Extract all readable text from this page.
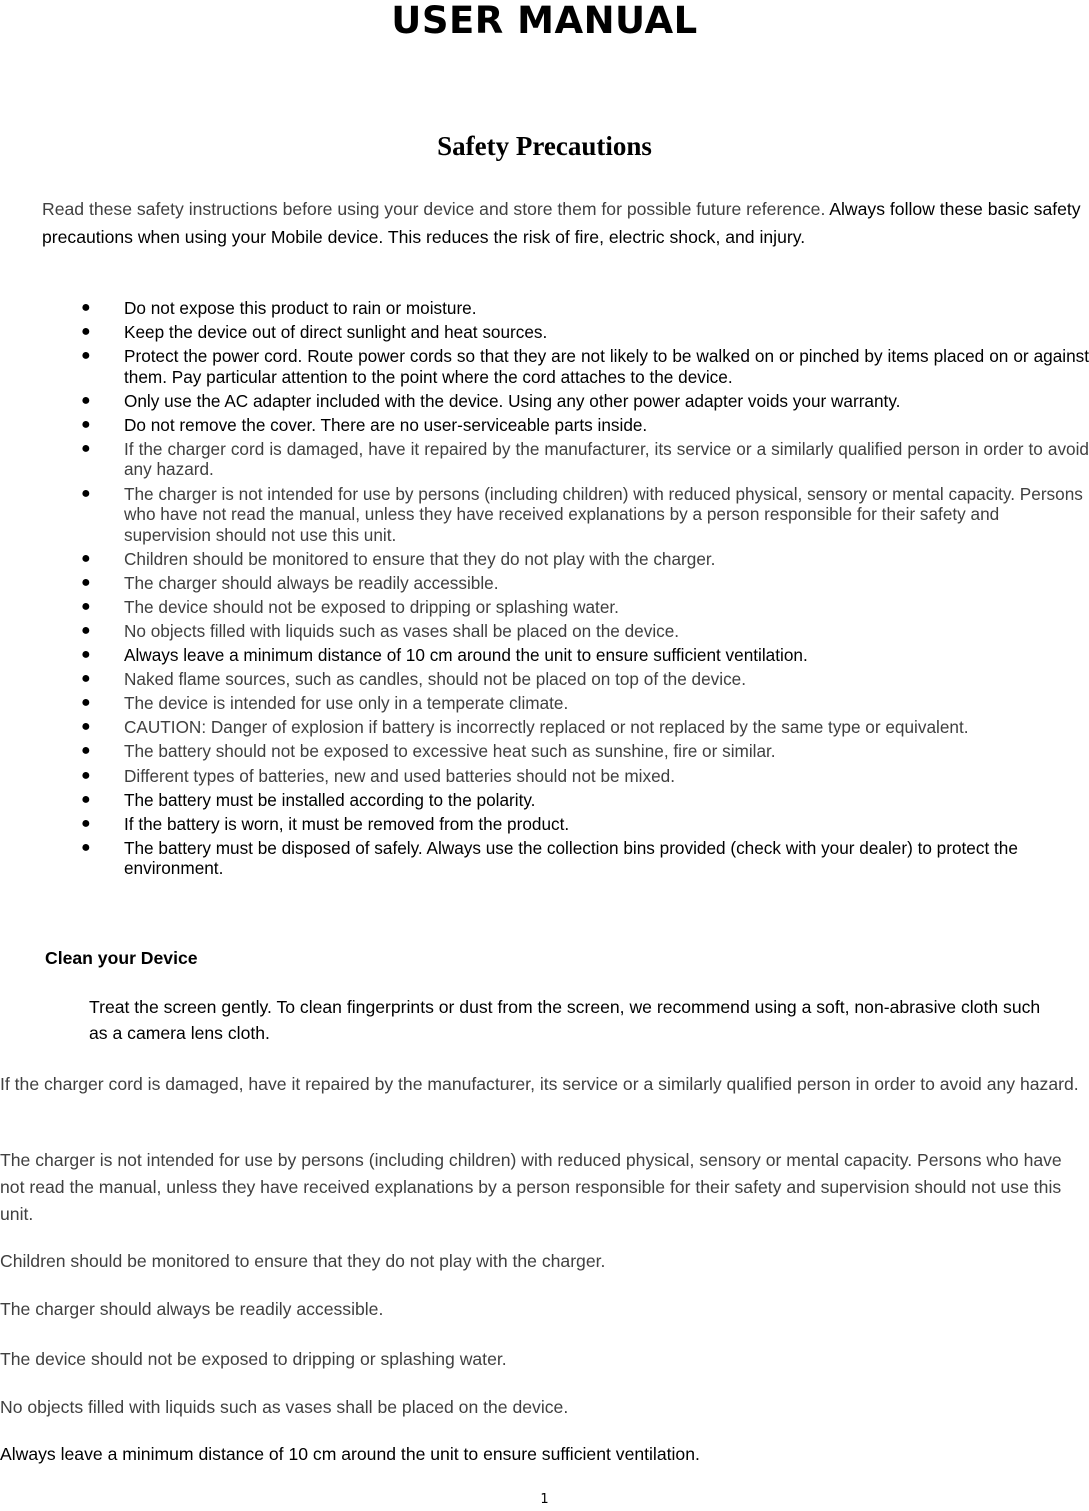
USER MANUAL
Safety Precautions
Read these safety instructions before using your device and store them for possible future reference. Always follow these basic safety precautions when using your Mobile device. This reduces the risk of fire, electric shock, and injury.
● Do not expose this product to rain or moisture.
● Keep the device out of direct sunlight and heat sources.
● Protect the power cord. Route power cords so that they are not likely to be walked on or pinched by items placed on or against them. Pay particular attention to the point where the cord attaches to the device.
● Only use the AC adapter included with the device. Using any other power adapter voids your warranty.
● Do not remove the cover. There are no user-serviceable parts inside.
● If the charger cord is damaged, have it repaired by the manufacturer, its service or a similarly qualified person in order to avoid any hazard.
● The charger is not intended for use by persons (including children) with reduced physical, sensory or mental capacity. Persons who have not read the manual, unless they have received explanations by a person responsible for their safety and supervision should not use this unit.
● Children should be monitored to ensure that they do not play with the charger.
● The charger should always be readily accessible.
● The device should not be exposed to dripping or splashing water.
● No objects filled with liquids such as vases shall be placed on the device.
● Always leave a minimum distance of 10 cm around the unit to ensure sufficient ventilation.
● Naked flame sources, such as candles, should not be placed on top of the device.
● The device is intended for use only in a temperate climate.
● CAUTION: Danger of explosion if battery is incorrectly replaced or not replaced by the same type or equivalent.
● The battery should not be exposed to excessive heat such as sunshine, fire or similar.
● Different types of batteries, new and used batteries should not be mixed.
● The battery must be installed according to the polarity.
● If the battery is worn, it must be removed from the product.
● The battery must be disposed of safely. Always use the collection bins provided (check with your dealer) to protect the environment.
Clean your Device
Treat the screen gently. To clean fingerprints or dust from the screen, we recommend using a soft, non-abrasive cloth such as a camera lens cloth.

If the charger cord is damaged, have it repaired by the manufacturer, its service or a similarly qualified person in order to avoid any hazard.

The charger is not intended for use by persons (including children) with reduced physical, sensory or mental capacity. Persons who have not read the manual, unless they have received explanations by a person responsible for their safety and supervision should not use this unit.

Children should be monitored to ensure that they do not play with the charger.

The charger should always be readily accessible.

The device should not be exposed to dripping or splashing water.

No objects filled with liquids such as vases shall be placed on the device.

Always leave a minimum distance of 10 cm around the unit to ensure sufficient ventilation.

1
